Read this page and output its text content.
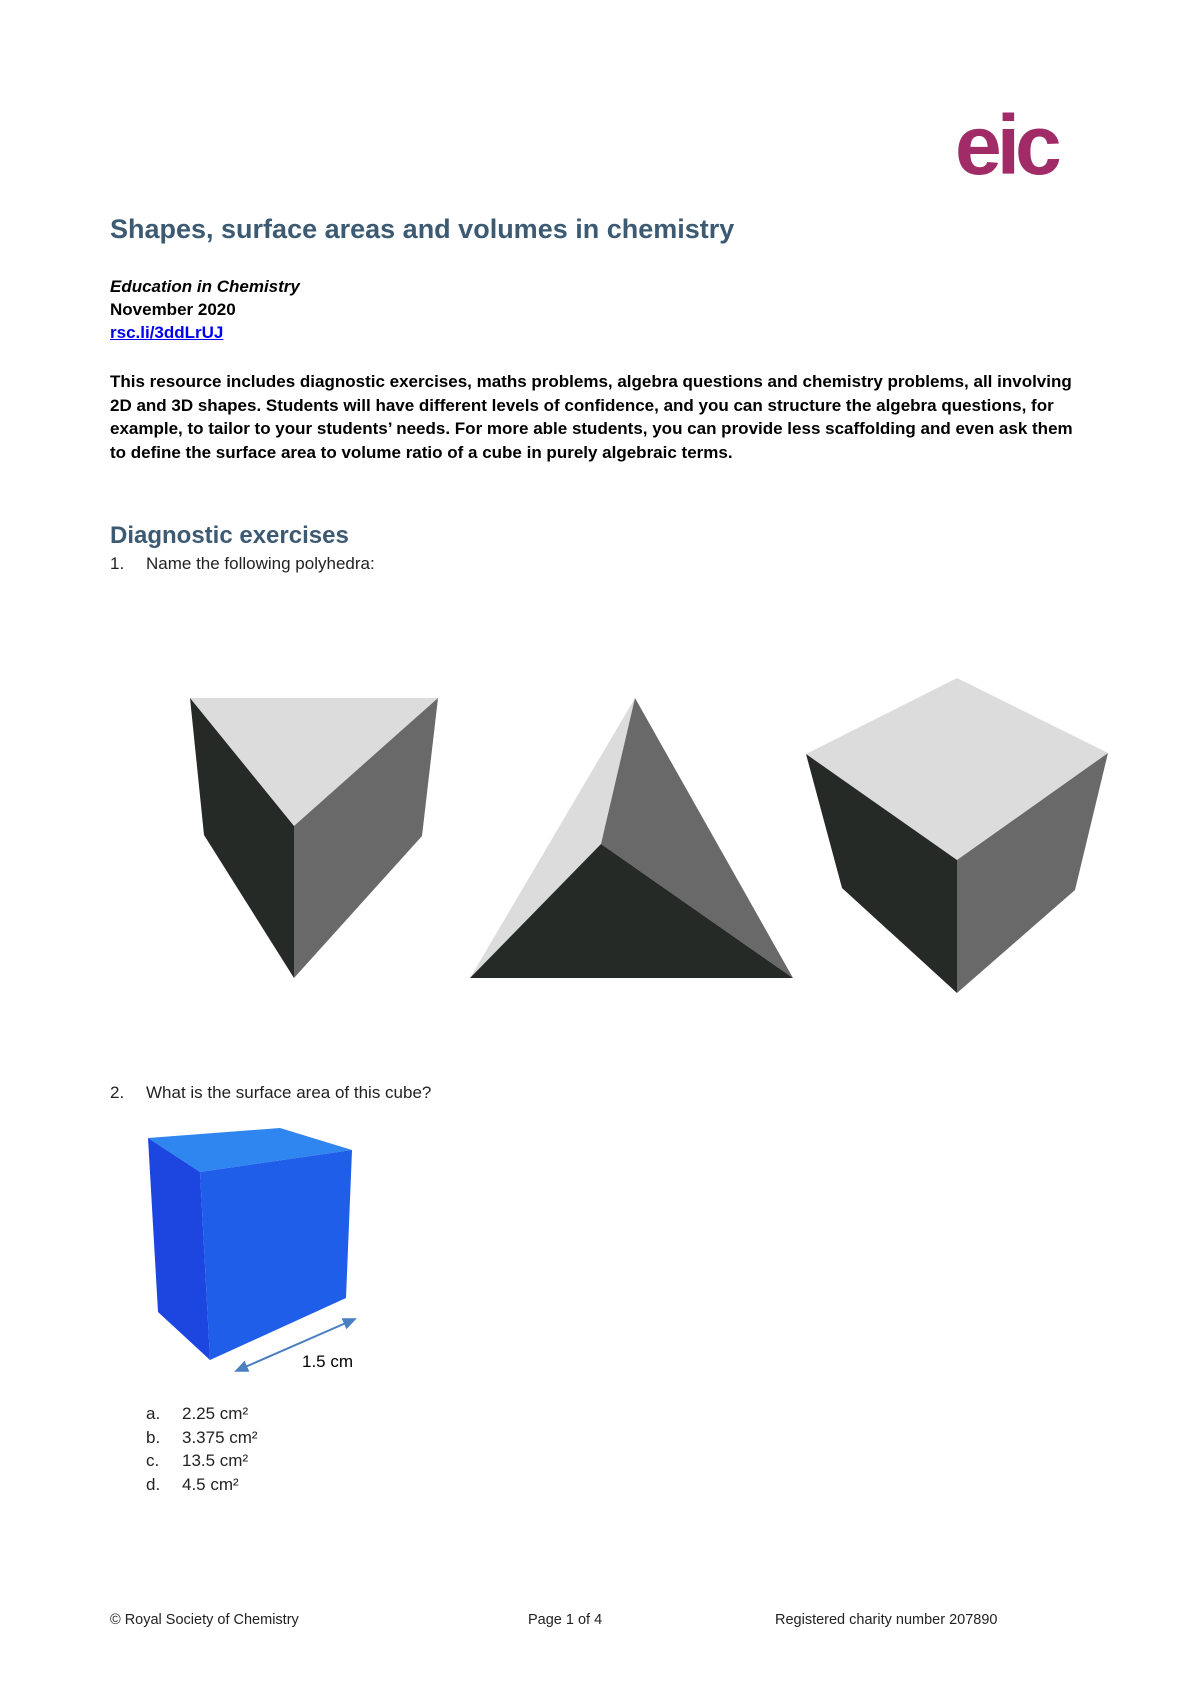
eic
Shapes, surface areas and volumes in chemistry
Education in Chemistry
November 2020
rsc.li/3ddLrUJ

This resource includes diagnostic exercises, maths problems, algebra questions and chemistry problems, all involving 2D and 3D shapes. Students will have different levels of confidence, and you can structure the algebra questions, for example, to tailor to your students’ needs. For more able students, you can provide less scaffolding and even ask them to define the surface area to volume ratio of a cube in purely algebraic terms.

Diagnostic exercises
1. Name the following polyhedra:
2. What is the surface area of this cube?
1.5 cm
a. 2.25 cm²
b. 3.375 cm²
c. 13.5 cm²
d. 4.5 cm²
© Royal Society of Chemistry	Page 1 of 4	Registered charity number 207890
